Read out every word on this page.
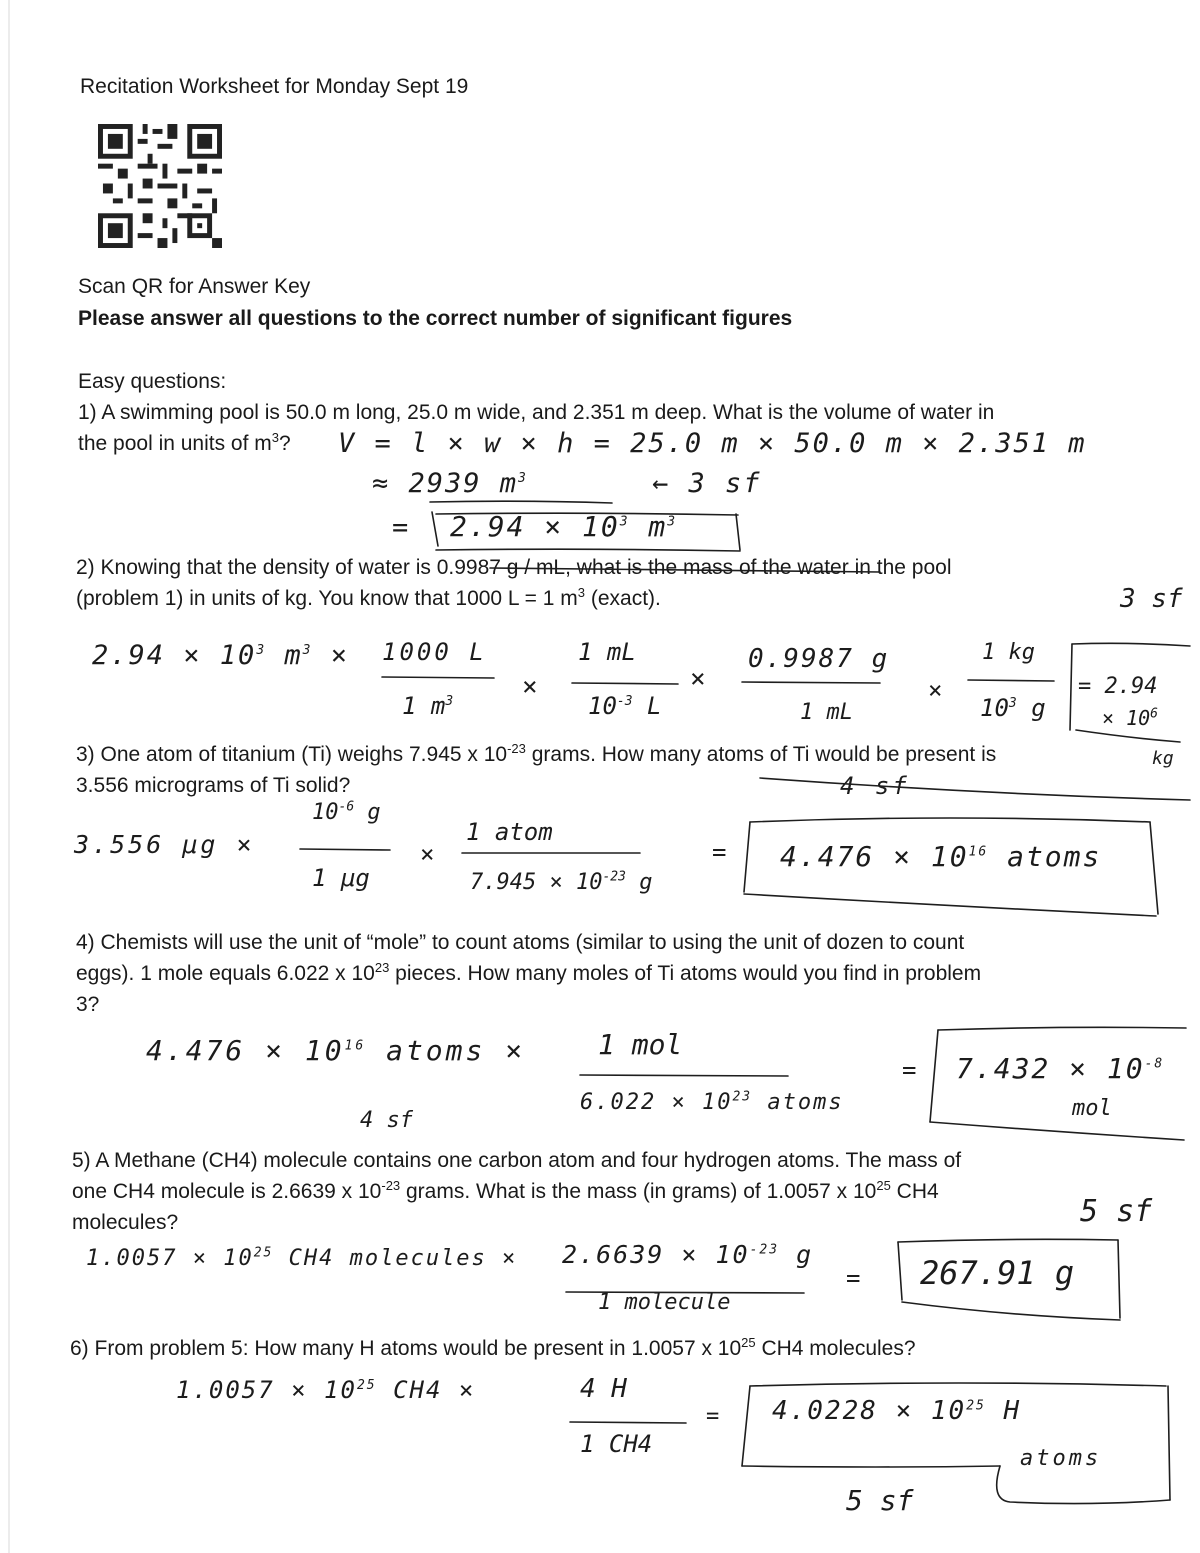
Recitation Worksheet for Monday Sept 19
Scan QR for Answer Key
Please answer all questions to the correct number of significant figures
Easy questions:
1) A swimming pool is 50.0 m long, 25.0 m wide, and 2.351 m deep. What is the volume of water in
the pool in units of $m^3$? V = l × w × h = 25.0 m × 50.0 m × 2.351 m
≈ 2939 $m^3$	← 3 sf
= $2.94 \times 10^3$ $m^3$
2) Knowing that the density of water is 0.9987 g / mL, what is the mass of the water in the pool
(problem 1) in units of kg. You know that 1000 L = 1 $m^3$ (exact).	3 sf
$2.94 \times 10^3$ $m^3 \times 1000$ L
1 $m^3$	×
1 mL
$10^{-3}$ L
×
0.9987 g
1 mL
×
1 kg
$10^3$ g
= 2.94
× $10^6$
3) One atom of titanium (Ti) weighs 7.945 x $10^{-23}$ grams. How many atoms of Ti would be present is	kg
3.556 micrograms of Ti solid?	4 sf
3.556 μg ×
$10^{-6}$ g
1 μg
×
1 atom
$7.945 \times 10^{-23}$ g
= $4.476 \times 10^{16}$ atoms
4) Chemists will use the unit of “mole” to count atoms (similar to using the unit of dozen to count
eggs). 1 mole equals 6.022 x $10^{23}$ pieces. How many moles of Ti atoms would you find in problem
3?
$4.476 \times 10^{16}$ atoms ×	1 mol
$6.022 \times 10^{23}$ atoms
4 sf
= $7.432 \times 10^{-8}$
mol
5) A Methane (CH4) molecule contains one carbon atom and four hydrogen atoms. The mass of
one CH4 molecule is 2.6639 x $10^{-23}$ grams. What is the mass (in grams) of 1.0057 x $10^{25}$ CH4
molecules?	5 sf
$1.0057 \times 10^{25}$ CH4 molecules × $2.6639 \times 10^{-23}$ g
1 molecule
= 267.91 g
6) From problem 5: How many H atoms would be present in 1.0057 x $10^{25}$ CH4 molecules?
$1.0057 \times 10^{25}$ CH4 ×	4 H
1 CH4
= $4.0228 \times 10^{25}$ H
atoms
5 sf
